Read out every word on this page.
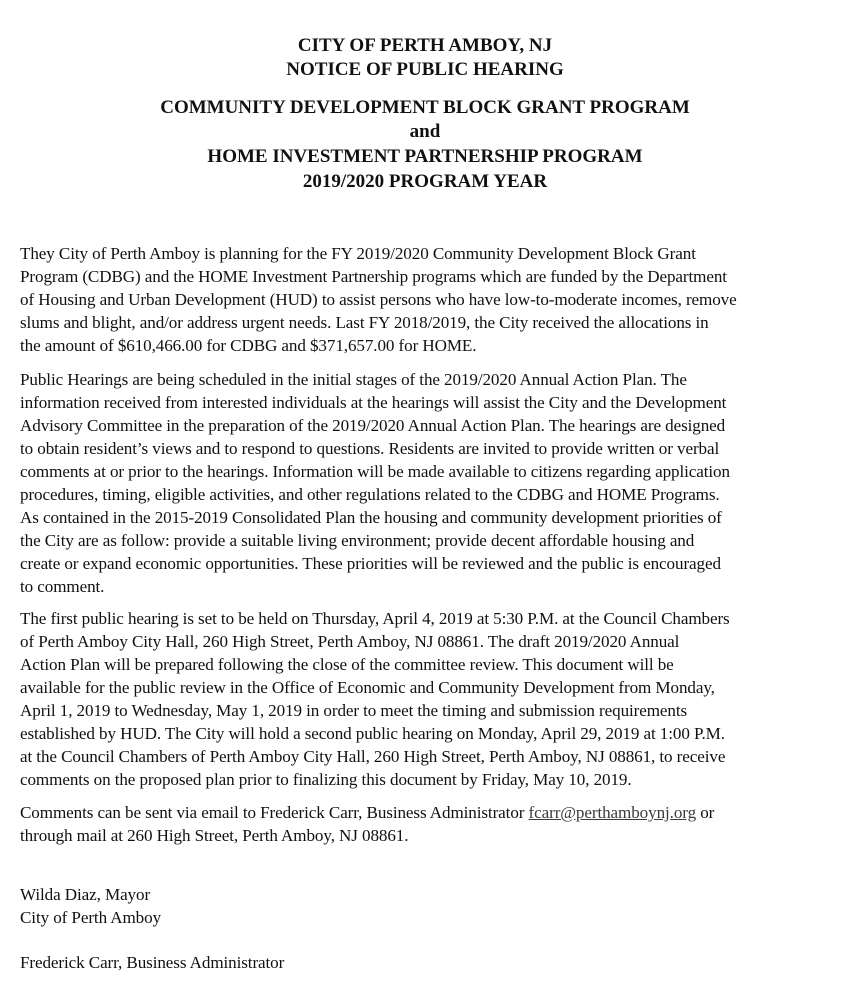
CITY OF PERTH AMBOY, NJ
NOTICE OF PUBLIC HEARING
COMMUNITY DEVELOPMENT BLOCK GRANT PROGRAM
and
HOME INVESTMENT PARTNERSHIP PROGRAM
2019/2020 PROGRAM YEAR

They City of Perth Amboy is planning for the FY 2019/2020 Community Development Block Grant
Program (CDBG) and the HOME Investment Partnership programs which are funded by the Department
of Housing and Urban Development (HUD) to assist persons who have low-to-moderate incomes, remove
slums and blight, and/or address urgent needs. Last FY 2018/2019, the City received the allocations in
the amount of $610,466.00 for CDBG and $371,657.00 for HOME.

Public Hearings are being scheduled in the initial stages of the 2019/2020 Annual Action Plan. The
information received from interested individuals at the hearings will assist the City and the Development
Advisory Committee in the preparation of the 2019/2020 Annual Action Plan. The hearings are designed
to obtain resident’s views and to respond to questions. Residents are invited to provide written or verbal
comments at or prior to the hearings. Information will be made available to citizens regarding application
procedures, timing, eligible activities, and other regulations related to the CDBG and HOME Programs.
As contained in the 2015-2019 Consolidated Plan the housing and community development priorities of
the City are as follow: provide a suitable living environment; provide decent affordable housing and
create or expand economic opportunities. These priorities will be reviewed and the public is encouraged
to comment.

The first public hearing is set to be held on Thursday, April 4, 2019 at 5:30 P.M. at the Council Chambers
of Perth Amboy City Hall, 260 High Street, Perth Amboy, NJ 08861. The draft 2019/2020 Annual
Action Plan will be prepared following the close of the committee review. This document will be
available for the public review in the Office of Economic and Community Development from Monday,
April 1, 2019 to Wednesday, May 1, 2019 in order to meet the timing and submission requirements
established by HUD. The City will hold a second public hearing on Monday, April 29, 2019 at 1:00 P.M.
at the Council Chambers of Perth Amboy City Hall, 260 High Street, Perth Amboy, NJ 08861, to receive
comments on the proposed plan prior to finalizing this document by Friday, May 10, 2019.

Comments can be sent via email to Frederick Carr, Business Administrator fcarr@perthamboynj.org or
through mail at 260 High Street, Perth Amboy, NJ 08861.

Wilda Diaz, Mayor
City of Perth Amboy

Frederick Carr, Business Administrator
